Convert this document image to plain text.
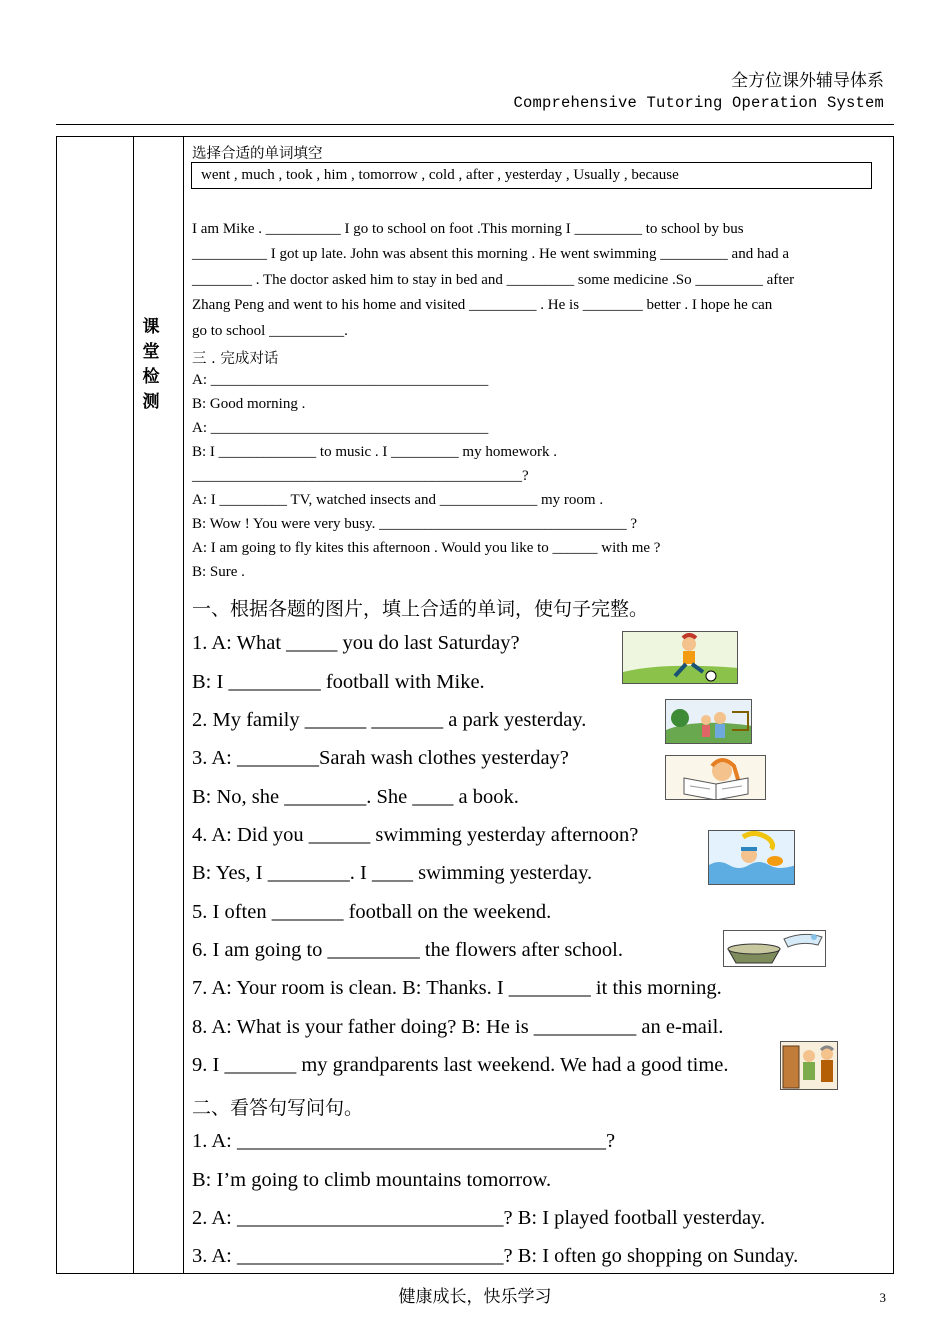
全方位课外辅导体系
Comprehensive Tutoring Operation System
课
堂
检
测
选择合适的单词填空
went , much , took , him , tomorrow , cold , after , yesterday , Usually , because
I am Mike . __________ I go to school on foot .This morning I _________ to school by bus
__________ I got up late. John was absent this morning . He went swimming _________ and had a
________ . The doctor asked him to stay in bed and _________ some medicine .So _________ after
Zhang Peng and went to his home and visited _________ . He is ________ better . I hope he can
go to school __________.
三 . 完成对话
A: _____________________________________
B: Good morning .
A: _____________________________________
B: I _____________ to music . I _________ my homework .
____________________________________________?
A: I _________ TV, watched insects and _____________ my room .
B: Wow ! You were very busy. _________________________________ ?
A: I am going to fly kites this afternoon . Would you like to ______ with me ?
B: Sure .
一、根据各题的图片，填上合适的单词，使句子完整。
1. A: What _____ you do last Saturday?
B: I _________ football with Mike.
2. My family ______ _______ a park yesterday.
3. A: ________Sarah wash clothes yesterday?
B: No, she ________. She ____ a book.
4. A: Did you ______ swimming yesterday afternoon?
B: Yes, I ________. I ____ swimming yesterday.
5. I often _______ football on the weekend.
6. I am going to _________ the flowers after school.
7. A: Your room is clean. B: Thanks. I ________ it this morning.
8. A: What is your father doing? B: He is __________ an e-mail.
9. I _______ my grandparents last weekend. We had a good time.
二、看答句写问句。
1. A: ____________________________________?
B: I’m going to climb mountains tomorrow.
2. A: __________________________? B: I played football yesterday.
3. A: __________________________? B: I often go shopping on Sunday.
健康成长，快乐学习	3
